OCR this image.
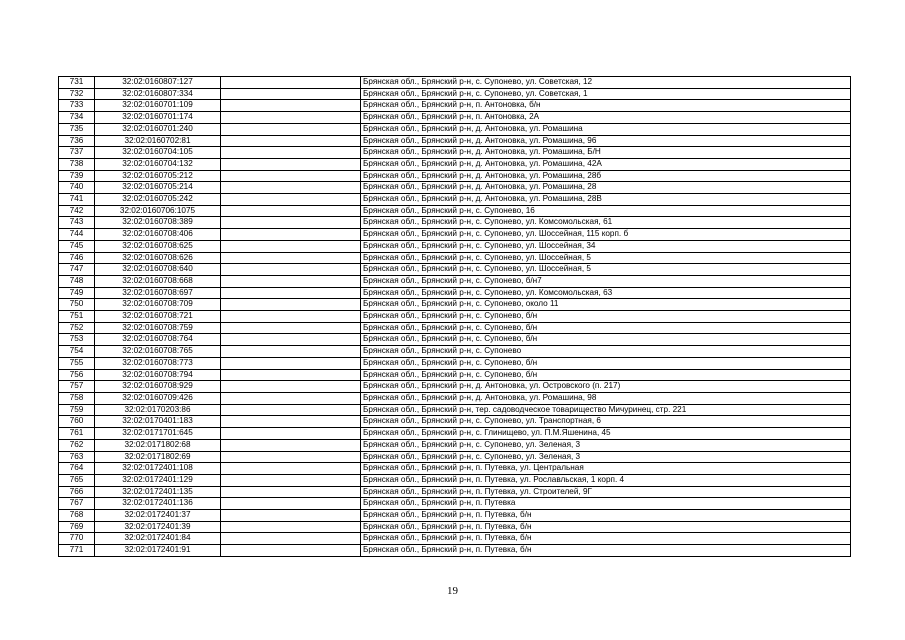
731	32:02:0160807:127		Брянская обл., Брянский р-н, с. Супонево, ул. Советская, 12
732	32:02:0160807:334		Брянская обл., Брянский р-н, с. Супонево, ул. Советская, 1
733	32:02:0160701:109		Брянская обл., Брянский р-н, п. Антоновка, б/н
734	32:02:0160701:174		Брянская обл., Брянский р-н, п. Антоновка, 2А
735	32:02:0160701:240		Брянская обл., Брянский р-н, д. Антоновка, ул. Ромашина
736	32:02:0160702:81		Брянская обл., Брянский р-н, д. Антоновка, ул. Ромашина, 96
737	32:02:0160704:105		Брянская обл., Брянский р-н, д. Антоновка, ул. Ромашина, Б/Н
738	32:02:0160704:132		Брянская обл., Брянский р-н, д. Антоновка, ул. Ромашина, 42А
739	32:02:0160705:212		Брянская обл., Брянский р-н, д. Антоновка, ул. Ромашина, 28б
740	32:02:0160705:214		Брянская обл., Брянский р-н, д. Антоновка, ул. Ромашина, 28
741	32:02:0160705:242		Брянская обл., Брянский р-н, д. Антоновка, ул. Ромашина, 28В
742	32:02:0160706:1075		Брянская обл., Брянский р-н, с. Супонево, 16
743	32:02:0160708:389		Брянская обл., Брянский р-н, с. Супонево, ул. Комсомольская, 61
744	32:02:0160708:406		Брянская обл., Брянский р-н, с. Супонево, ул. Шоссейная, 115 корп. б
745	32:02:0160708:625		Брянская обл., Брянский р-н, с. Супонево, ул. Шоссейная, 34
746	32:02:0160708:626		Брянская обл., Брянский р-н, с. Супонево, ул. Шоссейная, 5
747	32:02:0160708:640		Брянская обл., Брянский р-н, с. Супонево, ул. Шоссейная, 5
748	32:02:0160708:668		Брянская обл., Брянский р-н, с. Супонево, б/н7
749	32:02:0160708:697		Брянская обл., Брянский р-н, с. Супонево, ул. Комсомольская, 63
750	32:02:0160708:709		Брянская обл., Брянский р-н, с. Супонево, около 11
751	32:02:0160708:721		Брянская обл., Брянский р-н, с. Супонево, б/н
752	32:02:0160708:759		Брянская обл., Брянский р-н, с. Супонево, б/н
753	32:02:0160708:764		Брянская обл., Брянский р-н, с. Супонево, б/н
754	32:02:0160708:765		Брянская обл., Брянский р-н, с. Супонево
755	32:02:0160708:773		Брянская обл., Брянский р-н, с. Супонево, б/н
756	32:02:0160708:794		Брянская обл., Брянский р-н, с. Супонево, б/н
757	32:02:0160708:929		Брянская обл., Брянский р-н, д. Антоновка, ул. Островского (п. 217)
758	32:02:0160709:426		Брянская обл., Брянский р-н, д. Антоновка, ул. Ромашина, 98
759	32:02:0170203:86		Брянская обл., Брянский р-н, тер. садоводческое товарищество Мичуринец, стр. 221
760	32:02:0170401:183		Брянская обл., Брянский р-н, с. Супонево, ул. Транспортная, 6
761	32:02:0171701:645		Брянская обл., Брянский р-н, с. Глинищево, ул. П.М.Яшенина, 45
762	32:02:0171802:68		Брянская обл., Брянский р-н, с. Супонево, ул. Зеленая, 3
763	32:02:0171802:69		Брянская обл., Брянский р-н, с. Супонево, ул. Зеленая, 3
764	32:02:0172401:108		Брянская обл., Брянский р-н, п. Путевка, ул. Центральная
765	32:02:0172401:129		Брянская обл., Брянский р-н, п. Путевка, ул. Рославльская, 1 корп. 4
766	32:02:0172401:135		Брянская обл., Брянский р-н, п. Путевка, ул. Строителей, 9Г
767	32:02:0172401:136		Брянская обл., Брянский р-н, п. Путевка
768	32:02:0172401:37		Брянская обл., Брянский р-н, п. Путевка, б/н
769	32:02:0172401:39		Брянская обл., Брянский р-н, п. Путевка, б/н
770	32:02:0172401:84		Брянская обл., Брянский р-н, п. Путевка, б/н
771	32:02:0172401:91		Брянская обл., Брянский р-н, п. Путевка, б/н
19
